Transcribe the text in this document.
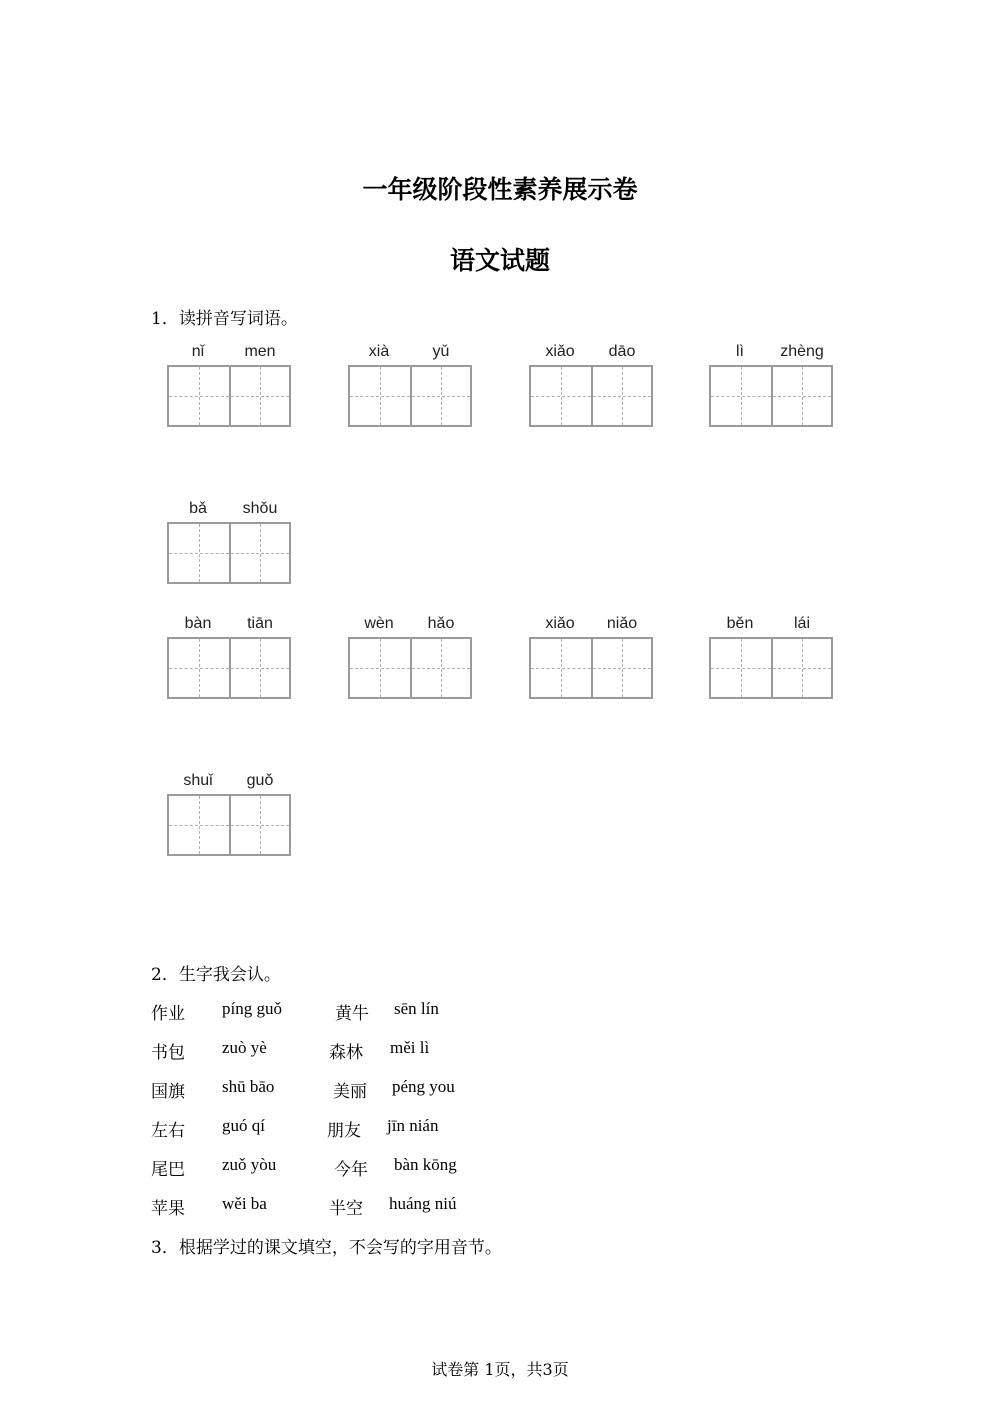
一年级阶段性素养展示卷
语文试题
1．读拼音写词语。
nǐ	men	xià	yǔ	xiǎo	dāo	lì	zhèng
bǎ	shǒu
bàn	tiān	wèn	hǎo	xiǎo	niǎo	běn	lái
shuǐ	guǒ
2．生字我会认。
作业 píng guǒ	黄牛 sēn lín
书包 zuò yè	森林 měi lì
国旗 shū bāo	美丽 péng you
左右 guó qí	朋友 jīn nián
尾巴 zuǒ yòu	今年 bàn kōng
苹果 wěi ba	半空 huáng niú
3．根据学过的课文填空，不会写的字用音节。
试卷第 1页，共3页
